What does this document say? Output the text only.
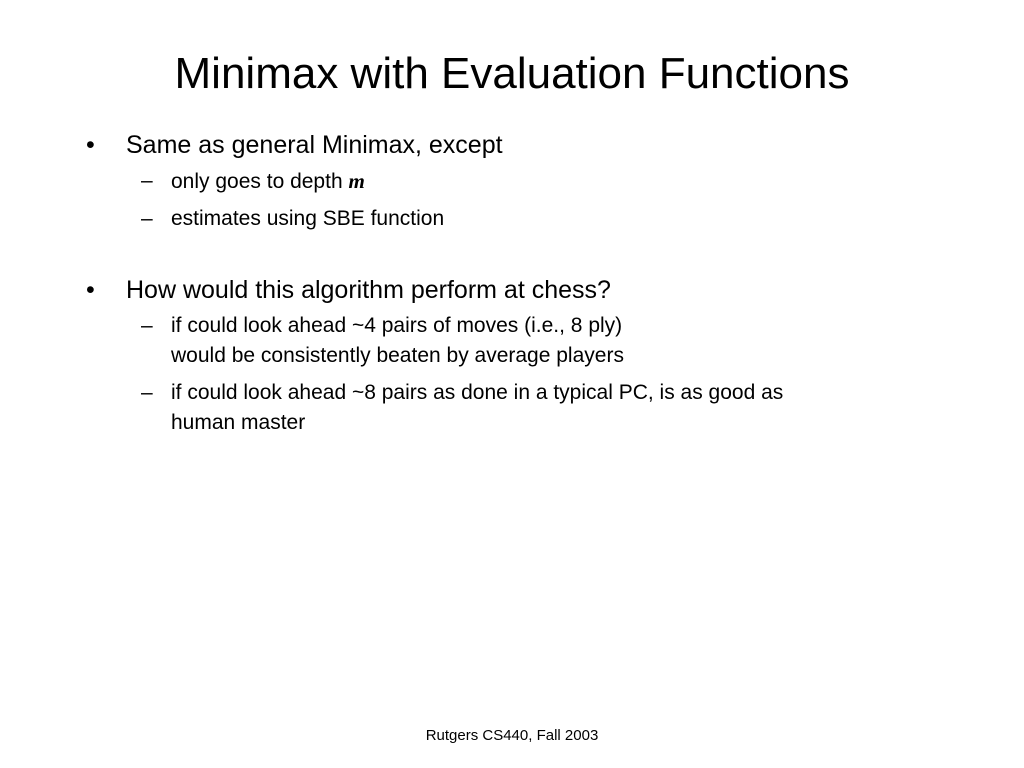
Minimax with Evaluation Functions
•	Same as general Minimax, except
– only goes to depth m
– estimates using SBE function
•	How would this algorithm perform at chess?
– if could look ahead ~4 pairs of moves (i.e., 8 ply)
would be consistently beaten by average players
– if could look ahead ~8 pairs as done in a typical PC, is as good as
human master
Rutgers CS440, Fall 2003
